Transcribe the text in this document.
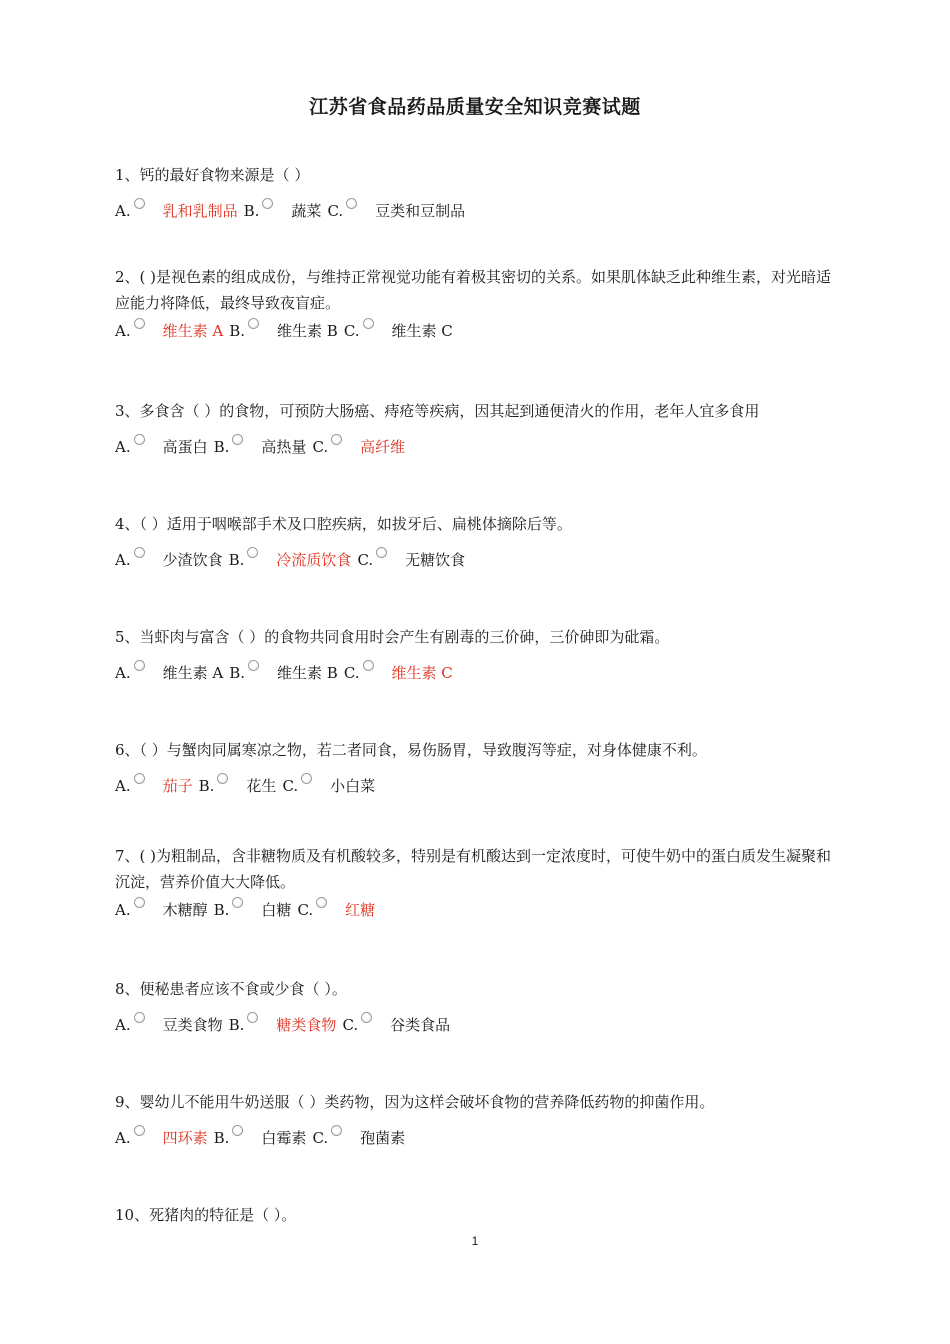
江苏省食品药品质量安全知识竞赛试题

1、钙的最好食物来源是（ ）

A. 乳和乳制品 B. 蔬菜 C. 豆类和豆制品

2、( )是视色素的组成成份，与维持正常视觉功能有着极其密切的关系。如果肌体缺乏此种维生素，对光暗适应能力将降低，最终导致夜盲症。

A. 维生素 A B. 维生素 B C. 维生素 C

3、多食含（ ）的食物，可预防大肠癌、痔疮等疾病，因其起到通便清火的作用，老年人宜多食用

A. 高蛋白 B. 高热量 C. 高纤维

4、（ ）适用于咽喉部手术及口腔疾病，如拔牙后、扁桃体摘除后等。

A. 少渣饮食 B. 冷流质饮食 C. 无糖饮食

5、当虾肉与富含（ ）的食物共同食用时会产生有剧毒的三价砷，三价砷即为砒霜。

A. 维生素 A B. 维生素 B C. 维生素 C

6、（ ）与蟹肉同属寒凉之物，若二者同食，易伤肠胃，导致腹泻等症，对身体健康不利。

A. 茄子 B. 花生 C. 小白菜

7、( )为粗制品，含非糖物质及有机酸较多，特别是有机酸达到一定浓度时，可使牛奶中的蛋白质发生凝聚和沉淀，营养价值大大降低。

A. 木糖醇 B. 白糖 C. 红糖

8、便秘患者应该不食或少食（ ）。

A. 豆类食物 B. 糖类食物 C. 谷类食品

9、婴幼儿不能用牛奶送服（ ）类药物，因为这样会破坏食物的营养降低药物的抑菌作用。

A. 四环素 B. 白霉素 C. 孢菌素

10、死猪肉的特征是（ ）。

1
